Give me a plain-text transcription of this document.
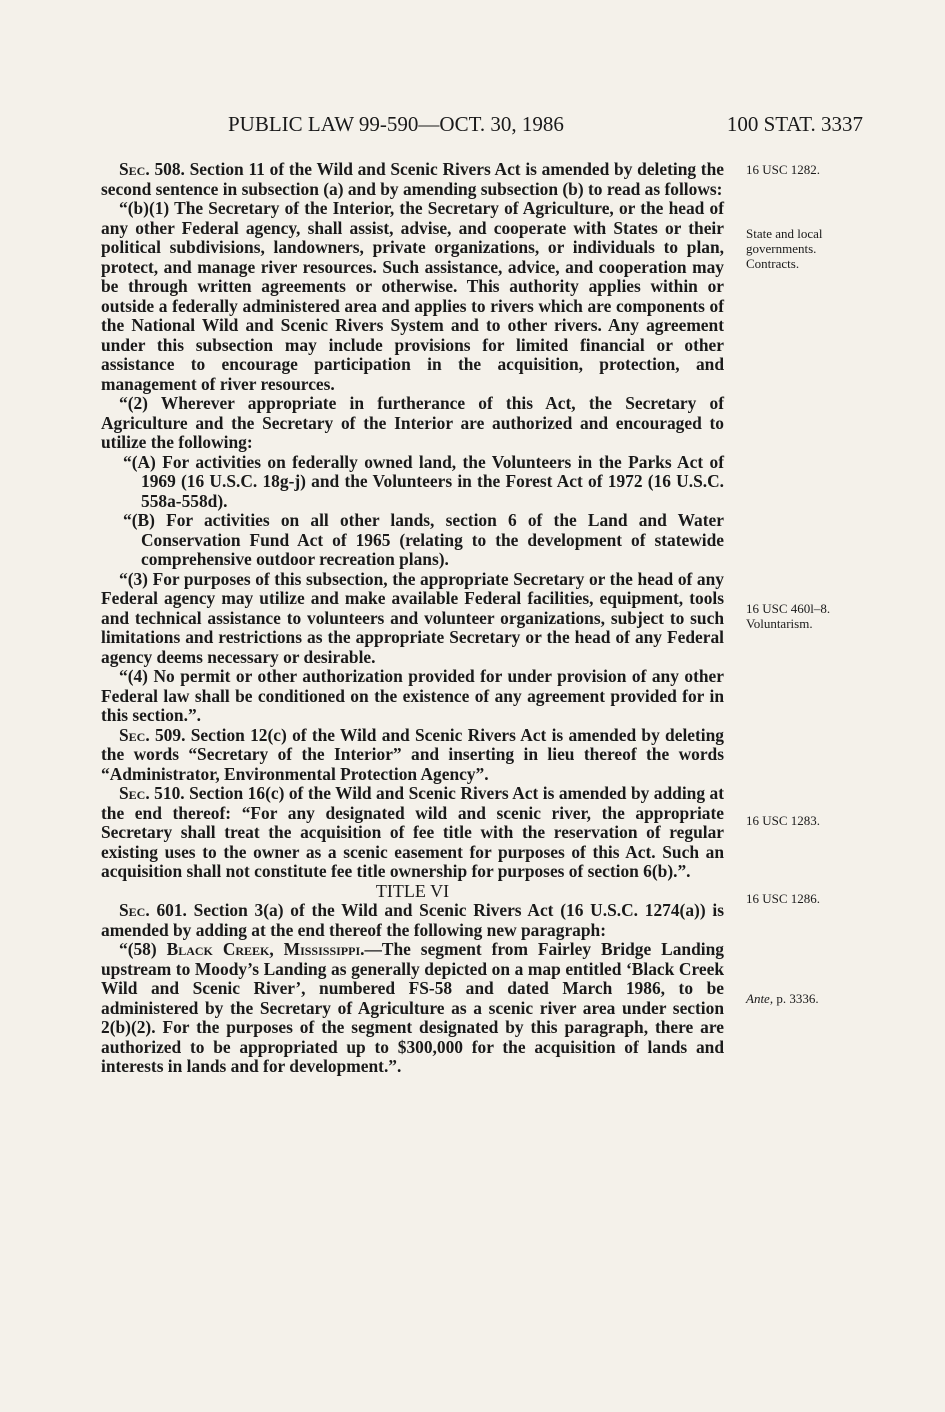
PUBLIC LAW 99-590—OCT. 30, 1986	100 STAT. 3337

Sec. 508. Section 11 of the Wild and Scenic Rivers Act is amended by deleting the second sentence in subsection (a) and by amending subsection (b) to read as follows:

“(b)(1) The Secretary of the Interior, the Secretary of Agriculture, or the head of any other Federal agency, shall assist, advise, and cooperate with States or their political subdivisions, landowners, private organizations, or individuals to plan, protect, and manage river resources. Such assistance, advice, and cooperation may be through written agreements or otherwise. This authority applies within or outside a federally administered area and applies to rivers which are components of the National Wild and Scenic Rivers System and to other rivers. Any agreement under this subsection may include provisions for limited financial or other assistance to encourage participation in the acquisition, protection, and management of river resources.

“(2) Wherever appropriate in furtherance of this Act, the Secretary of Agriculture and the Secretary of the Interior are authorized and encouraged to utilize the following:

“(A) For activities on federally owned land, the Volunteers in the Parks Act of 1969 (16 U.S.C. 18g-j) and the Volunteers in the Forest Act of 1972 (16 U.S.C. 558a-558d).

“(B) For activities on all other lands, section 6 of the Land and Water Conservation Fund Act of 1965 (relating to the development of statewide comprehensive outdoor recreation plans).

“(3) For purposes of this subsection, the appropriate Secretary or the head of any Federal agency may utilize and make available Federal facilities, equipment, tools and technical assistance to volunteers and volunteer organizations, subject to such limitations and restrictions as the appropriate Secretary or the head of any Federal agency deems necessary or desirable.

“(4) No permit or other authorization provided for under provision of any other Federal law shall be conditioned on the existence of any agreement provided for in this section.”.

Sec. 509. Section 12(c) of the Wild and Scenic Rivers Act is amended by deleting the words “Secretary of the Interior” and inserting in lieu thereof the words “Administrator, Environmental Protection Agency”.

Sec. 510. Section 16(c) of the Wild and Scenic Rivers Act is amended by adding at the end thereof: “For any designated wild and scenic river, the appropriate Secretary shall treat the acquisition of fee title with the reservation of regular existing uses to the owner as a scenic easement for purposes of this Act. Such an acquisition shall not constitute fee title ownership for purposes of section 6(b).”.

TITLE VI

Sec. 601. Section 3(a) of the Wild and Scenic Rivers Act (16 U.S.C. 1274(a)) is amended by adding at the end thereof the following new paragraph:

“(58) Black Creek, Mississippi.—The segment from Fairley Bridge Landing upstream to Moody’s Landing as generally depicted on a map entitled ‘Black Creek Wild and Scenic River’, numbered FS-58 and dated March 1986, to be administered by the Secretary of Agriculture as a scenic river area under section 2(b)(2). For the purposes of the segment designated by this paragraph, there are authorized to be appropriated up to $300,000 for the acquisition of lands and interests in lands and for development.”.

16 USC 1282.
State and local
governments.
Contracts.
16 USC 460l–8.
Voluntarism.
16 USC 1283.
16 USC 1286.
Ante, p. 3336.
